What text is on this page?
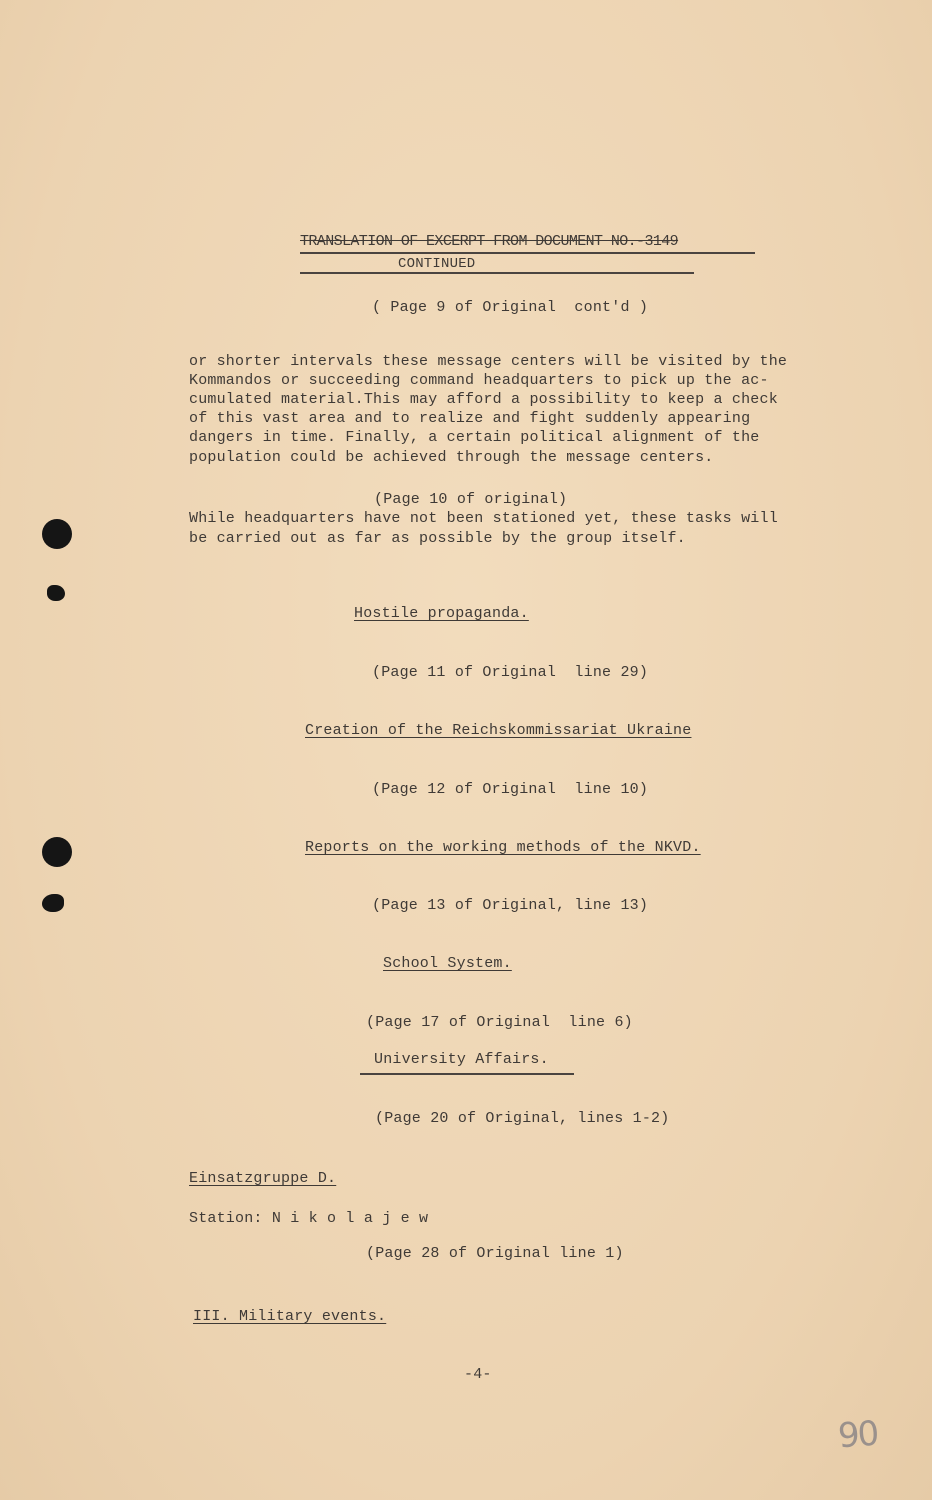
TRANSLATION OF EXCERPT FROM DOCUMENT NO.-3149
CONTINUED
( Page 9 of Original  cont'd )
or shorter intervals these message centers will be visited by the
Kommandos or succeeding command headquarters to pick up the ac-
cumulated material.This may afford a possibility to keep a check
of this vast area and to realize and fight suddenly appearing
dangers in time. Finally, a certain political alignment of the
population could be achieved through the message centers.
(Page 10 of original)
While headquarters have not been stationed yet, these tasks will
be carried out as far as possible by the group itself.
Hostile propaganda.
(Page 11 of Original  line 29)
Creation of the Reichskommissariat Ukraine
(Page 12 of Original  line 10)
Reports on the working methods of the NKVD.
(Page 13 of Original, line 13)
School System.
(Page 17 of Original  line 6)
University Affairs.
(Page 20 of Original, lines 1-2)
Einsatzgruppe D.
Station: N i k o l a j e w
(Page 28 of Original line 1)
III. Military events.
-4-
90
